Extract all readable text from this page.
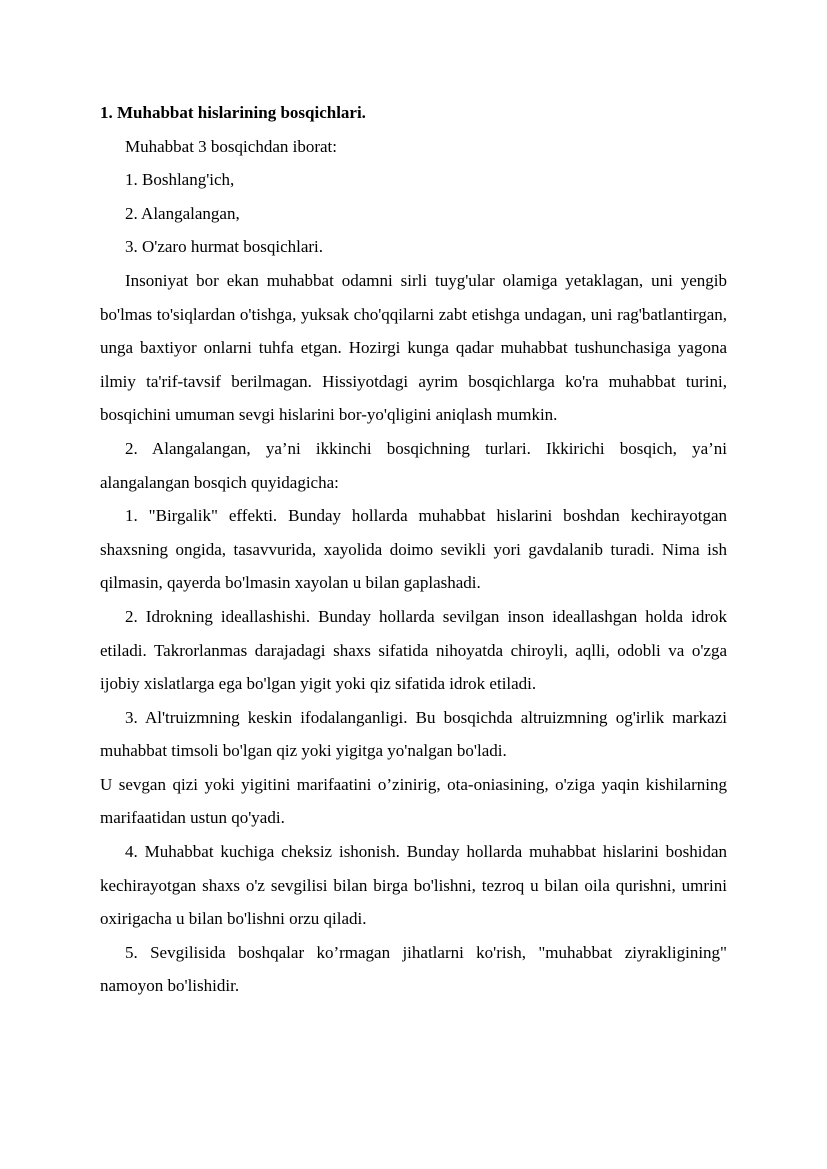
1. Muhabbat hislarining bosqichlari.

Muhabbat 3 bosqichdan iborat:

1. Boshlang'ich,

2. Alangalangan,

3. O'zaro hurmat bosqichlari.

Insoniyat bor ekan muhabbat odamni sirli tuyg'ular olamiga yetaklagan, uni yengib bo'lmas to'siqlardan o'tishga, yuksak cho'qqilarni zabt etishga undagan, uni rag'batlantirgan, unga baxtiyor onlarni tuhfa etgan. Hozirgi kunga qadar muhabbat tushunchasiga yagona ilmiy ta'rif-tavsif berilmagan. Hissiyotdagi ayrim bosqichlarga ko'ra muhabbat turini, bosqichini umuman sevgi hislarini bor-yo'qligini aniqlash mumkin.

2. Alangalangan, ya’ni ikkinchi bosqichning turlari. Ikkirichi bosqich, ya’ni alangalangan bosqich quyidagicha:

1. "Birgalik" effekti. Bunday hollarda muhabbat hislarini boshdan kechirayotgan shaxsning ongida, tasavvurida, xayolida doimo sevikli yori gavdalanib turadi. Nima ish qilmasin, qayerda bo'lmasin xayolan u bilan gaplashadi.

2. Idrokning ideallashishi. Bunday hollarda sevilgan inson ideallashgan holda idrok etiladi. Takrorlanmas darajadagi shaxs sifatida nihoyatda chiroyli, aqlli, odobli va o'zga ijobiy xislatlarga ega bo'lgan yigit yoki qiz sifatida idrok etiladi.

3. Al'truizmning keskin ifodalanganligi. Bu bosqichda altruizmning og'irlik markazi muhabbat timsoli bo'lgan qiz yoki yigitga yo'nalgan bo'ladi.

U sevgan qizi yoki yigitini marifaatini o’zinirig, ota-oniasining, o'ziga yaqin kishilarning marifaatidan ustun qo'yadi.

4. Muhabbat kuchiga cheksiz ishonish. Bunday hollarda muhabbat hislarini boshidan kechirayotgan shaxs o'z sevgilisi bilan birga bo'lishni, tezroq u bilan oila qurishni, umrini oxirigacha u bilan bo'lishni orzu qiladi.

5. Sevgilisida boshqalar ko’rmagan jihatlarni ko'rish, "muhabbat ziyrakligining" namoyon bo'lishidir.
